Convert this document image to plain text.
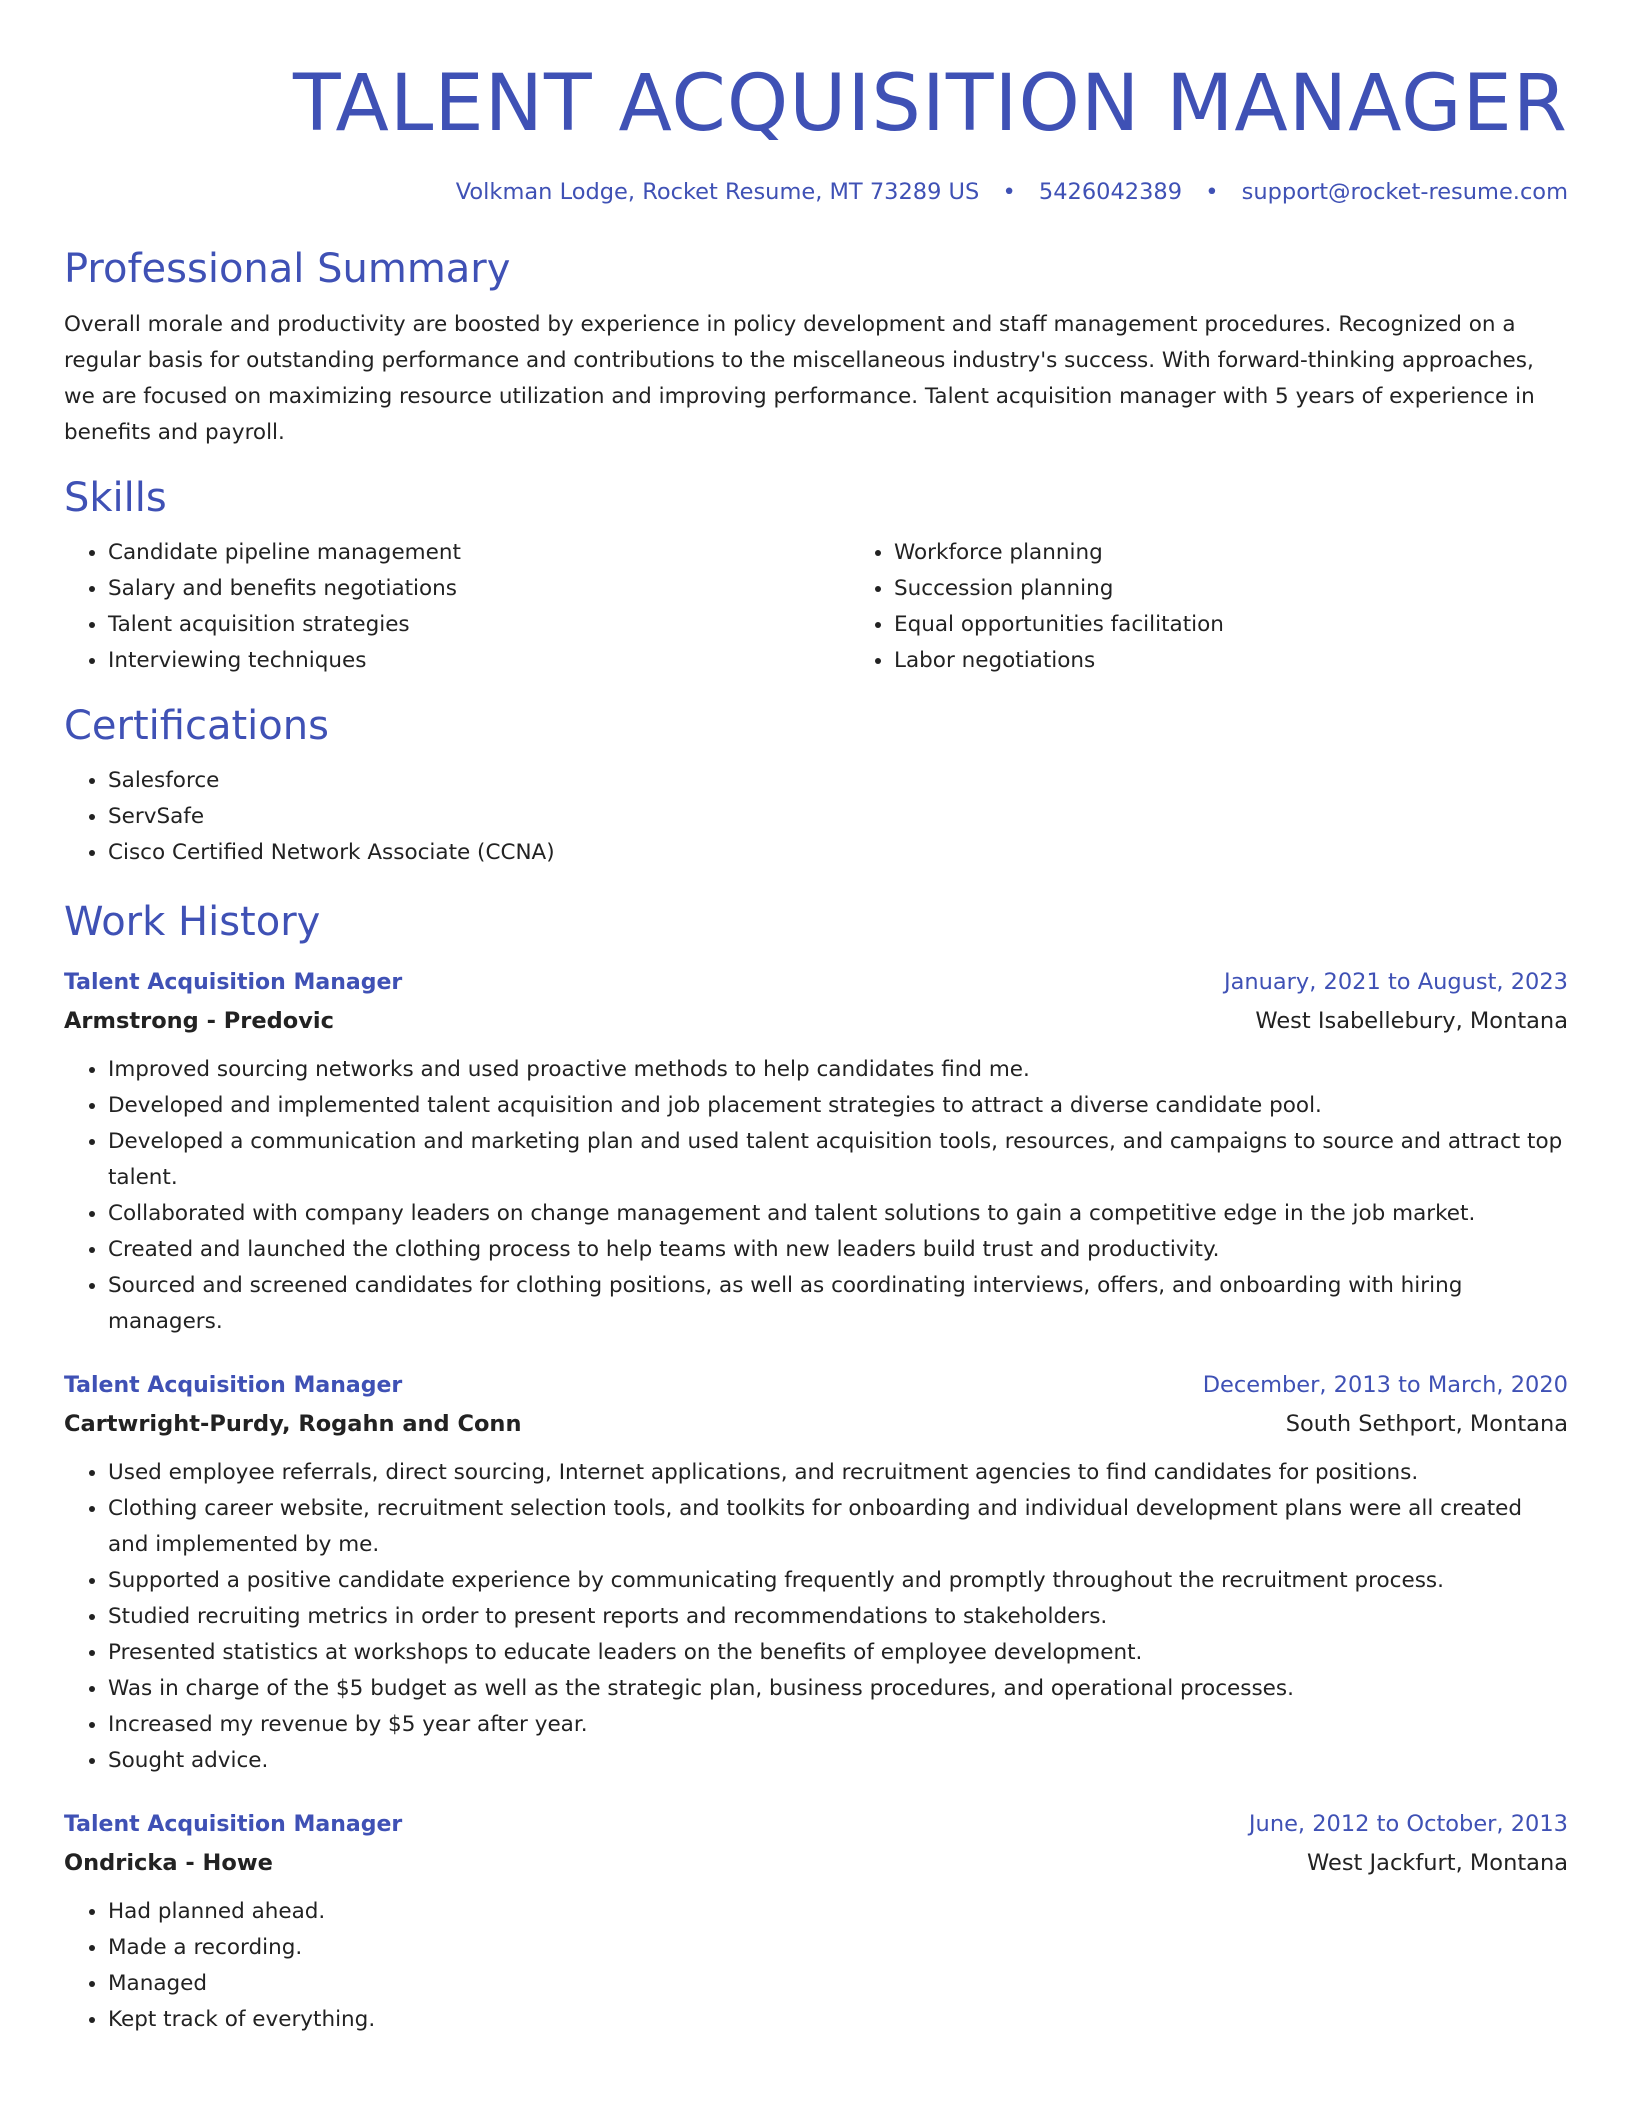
TALENT ACQUISITION MANAGER
Volkman Lodge, Rocket Resume, MT 73289 US • 5426042389 • support@rocket-resume.com
Professional Summary

Overall morale and productivity are boosted by experience in policy development and staff management procedures. Recognized on a regular basis for outstanding performance and contributions to the miscellaneous industry's success. With forward-thinking approaches, we are focused on maximizing resource utilization and improving performance. Talent acquisition manager with 5 years of experience in benefits and payroll.

Skills
• Candidate pipeline management
• Salary and benefits negotiations
• Talent acquisition strategies
• Interviewing techniques
• Workforce planning
• Succession planning
• Equal opportunities facilitation
• Labor negotiations
Certifications
• Salesforce
• ServSafe
• Cisco Certified Network Associate (CCNA)
Work History
Talent Acquisition Manager	January, 2021 to August, 2023
Armstrong - Predovic	West Isabellebury, Montana
• Improved sourcing networks and used proactive methods to help candidates find me.
• Developed and implemented talent acquisition and job placement strategies to attract a diverse candidate pool.
• Developed a communication and marketing plan and used talent acquisition tools, resources, and campaigns to source and attract top talent.
• Collaborated with company leaders on change management and talent solutions to gain a competitive edge in the job market.
• Created and launched the clothing process to help teams with new leaders build trust and productivity.
• Sourced and screened candidates for clothing positions, as well as coordinating interviews, offers, and onboarding with hiring managers.
Talent Acquisition Manager	December, 2013 to March, 2020
Cartwright-Purdy, Rogahn and Conn	South Sethport, Montana
• Used employee referrals, direct sourcing, Internet applications, and recruitment agencies to find candidates for positions.
• Clothing career website, recruitment selection tools, and toolkits for onboarding and individual development plans were all created and implemented by me.
• Supported a positive candidate experience by communicating frequently and promptly throughout the recruitment process.
• Studied recruiting metrics in order to present reports and recommendations to stakeholders.
• Presented statistics at workshops to educate leaders on the benefits of employee development.
• Was in charge of the $5 budget as well as the strategic plan, business procedures, and operational processes.
• Increased my revenue by $5 year after year.
• Sought advice.
Talent Acquisition Manager	June, 2012 to October, 2013
Ondricka - Howe	West Jackfurt, Montana
• Had planned ahead.
• Made a recording.
• Managed
• Kept track of everything.
